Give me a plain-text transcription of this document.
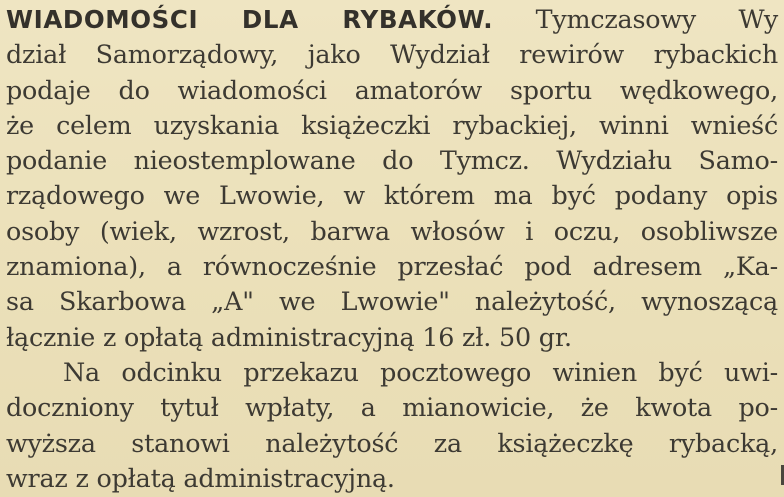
WIADOMOŚCI DLA RYBAKÓW. Tymczasowy Wy
dział Samorządowy, jako Wydział rewirów rybackich
podaje do wiadomości amatorów sportu wędkowego,
że celem uzyskania książeczki rybackiej, winni wnieść
podanie nieostemplowane do Tymcz. Wydziału Samo-
rządowego we Lwowie, w którem ma być podany opis
osoby (wiek, wzrost, barwa włosów i oczu, osobliwsze
znamiona), a równocześnie przesłać pod adresem „Ka-
sa Skarbowa „A" we Lwowie" należytość, wynoszącą
łącznie z opłatą administracyjną 16 zł. 50 gr.
Na odcinku przekazu pocztowego winien być uwi-
doczniony tytuł wpłaty, a mianowicie, że kwota po-
wyższa stanowi należytość za książeczkę rybacką,
wraz z opłatą administracyjną.
